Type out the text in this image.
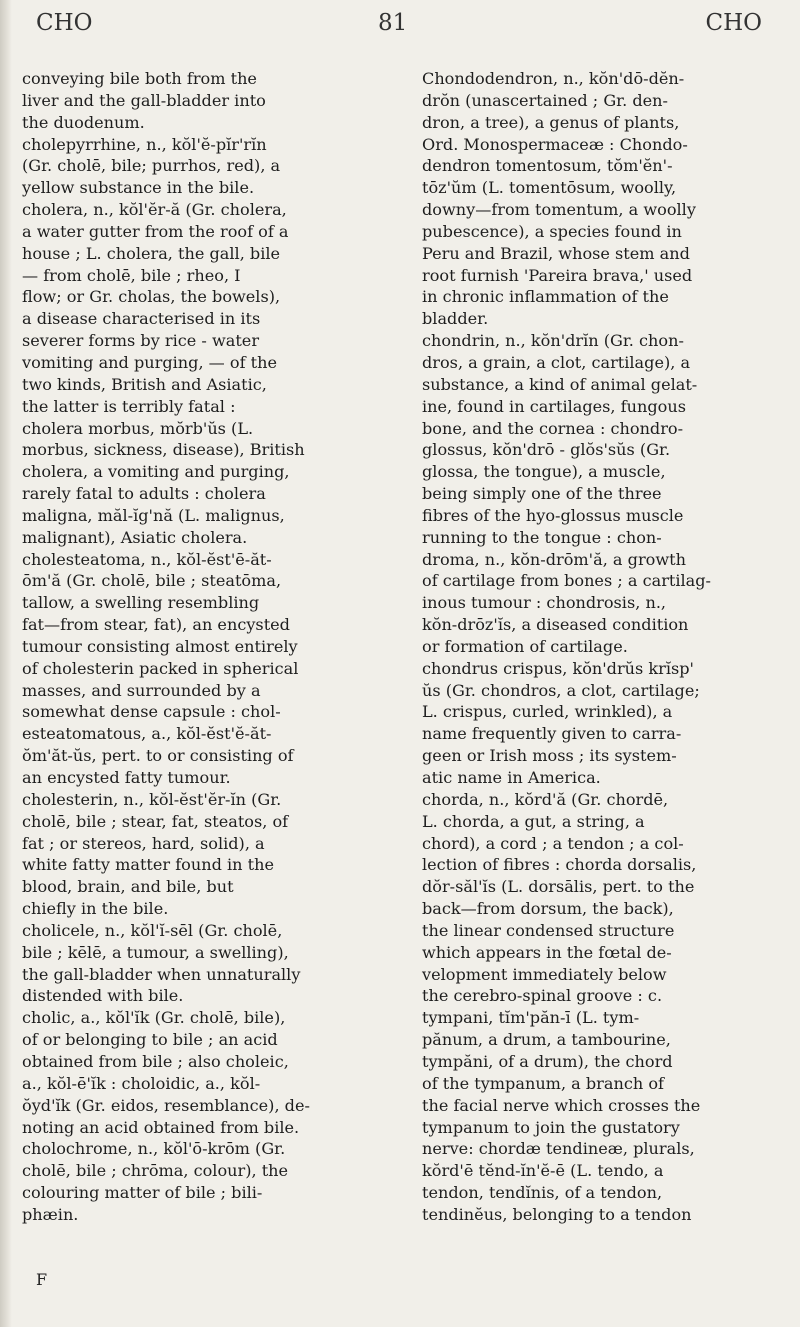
CHO	81	CHO
conveying bile both from the
liver and the gall-bladder into
the duodenum.
cholepyrrhine, n., kŏl'ĕ-pĭr'rĭn
(Gr. cholē, bile; purrhos, red), a
yellow substance in the bile.
cholera, n., kŏl'ĕr-ă (Gr. cholera,
a water gutter from the roof of a
house ; L. cholera, the gall, bile
— from cholē, bile ; rheo, I
flow; or Gr. cholas, the bowels),
a disease characterised in its
severer forms by rice - water
vomiting and purging, — of the
two kinds, British and Asiatic,
the latter is terribly fatal :
cholera morbus, mŏrb'ŭs (L.
morbus, sickness, disease), British
cholera, a vomiting and purging,
rarely fatal to adults : cholera
maligna, măl-ĭg'nă (L. malignus,
malignant), Asiatic cholera.
cholesteatoma, n., kŏl-ĕst'ē-ăt-
ōm'ă (Gr. cholē, bile ; steatōma,
tallow, a swelling resembling
fat—from stear, fat), an encysted
tumour consisting almost entirely
of cholesterin packed in spherical
masses, and surrounded by a
somewhat dense capsule : chol-
esteatomatous, a., kŏl-ĕst'ĕ-ăt-
ŏm'ăt-ŭs, pert. to or consisting of
an encysted fatty tumour.
cholesterin, n., kŏl-ĕst'ĕr-ĭn (Gr.
cholē, bile ; stear, fat, steatos, of
fat ; or stereos, hard, solid), a
white fatty matter found in the
blood, brain, and bile, but
chiefly in the bile.
cholicele, n., kŏl'ĭ-sēl (Gr. cholē,
bile ; kēlē, a tumour, a swelling),
the gall-bladder when unnaturally
distended with bile.
cholic, a., kŏl'ĭk (Gr. cholē, bile),
of or belonging to bile ; an acid
obtained from bile ; also choleic,
a., kŏl-ē'ĭk : choloidic, a., kŏl-
ŏyd'ĭk (Gr. eidos, resemblance), de-
noting an acid obtained from bile.
cholochrome, n., kŏl'ō-krōm (Gr.
cholē, bile ; chrōma, colour), the
colouring matter of bile ; bili-
phæin.
Chondodendron, n., kŏn'dō-dĕn-
drŏn (unascertained ; Gr. den-
dron, a tree), a genus of plants,
Ord. Monospermaceæ : Chondo-
dendron tomentosum, tŏm'ĕn'-
tōz'ŭm (L. tomentōsum, woolly,
downy—from tomentum, a woolly
pubescence), a species found in
Peru and Brazil, whose stem and
root furnish 'Pareira brava,' used
in chronic inflammation of the
bladder.
chondrin, n., kŏn'drĭn (Gr. chon-
dros, a grain, a clot, cartilage), a
substance, a kind of animal gelat-
ine, found in cartilages, fungous
bone, and the cornea : chondro-
glossus, kŏn'drō - glŏs'sŭs (Gr.
glossa, the tongue), a muscle,
being simply one of the three
fibres of the hyo-glossus muscle
running to the tongue : chon-
droma, n., kŏn-drōm'ă, a growth
of cartilage from bones ; a cartilag-
inous tumour : chondrosis, n.,
kŏn-drōz'ĭs, a diseased condition
or formation of cartilage.
chondrus crispus, kŏn'drŭs krĭsp'
ŭs (Gr. chondros, a clot, cartilage;
L. crispus, curled, wrinkled), a
name frequently given to carra-
geen or Irish moss ; its system-
atic name in America.
chorda, n., kŏrd'ă (Gr. chordē,
L. chorda, a gut, a string, a
chord), a cord ; a tendon ; a col-
lection of fibres : chorda dorsalis,
dŏr-săl'ĭs (L. dorsālis, pert. to the
back—from dorsum, the back),
the linear condensed structure
which appears in the fœtal de-
velopment immediately below
the cerebro-spinal groove : c.
tympani, tĭm'păn-ī (L. tym-
pănum, a drum, a tambourine,
tympăni, of a drum), the chord
of the tympanum, a branch of
the facial nerve which crosses the
tympanum to join the gustatory
nerve: chordæ tendineæ, plurals,
kŏrd'ē tĕnd-ĭn'ĕ-ē (L. tendo, a
tendon, tendĭnis, of a tendon,
tendinĕus, belonging to a tendon
F
